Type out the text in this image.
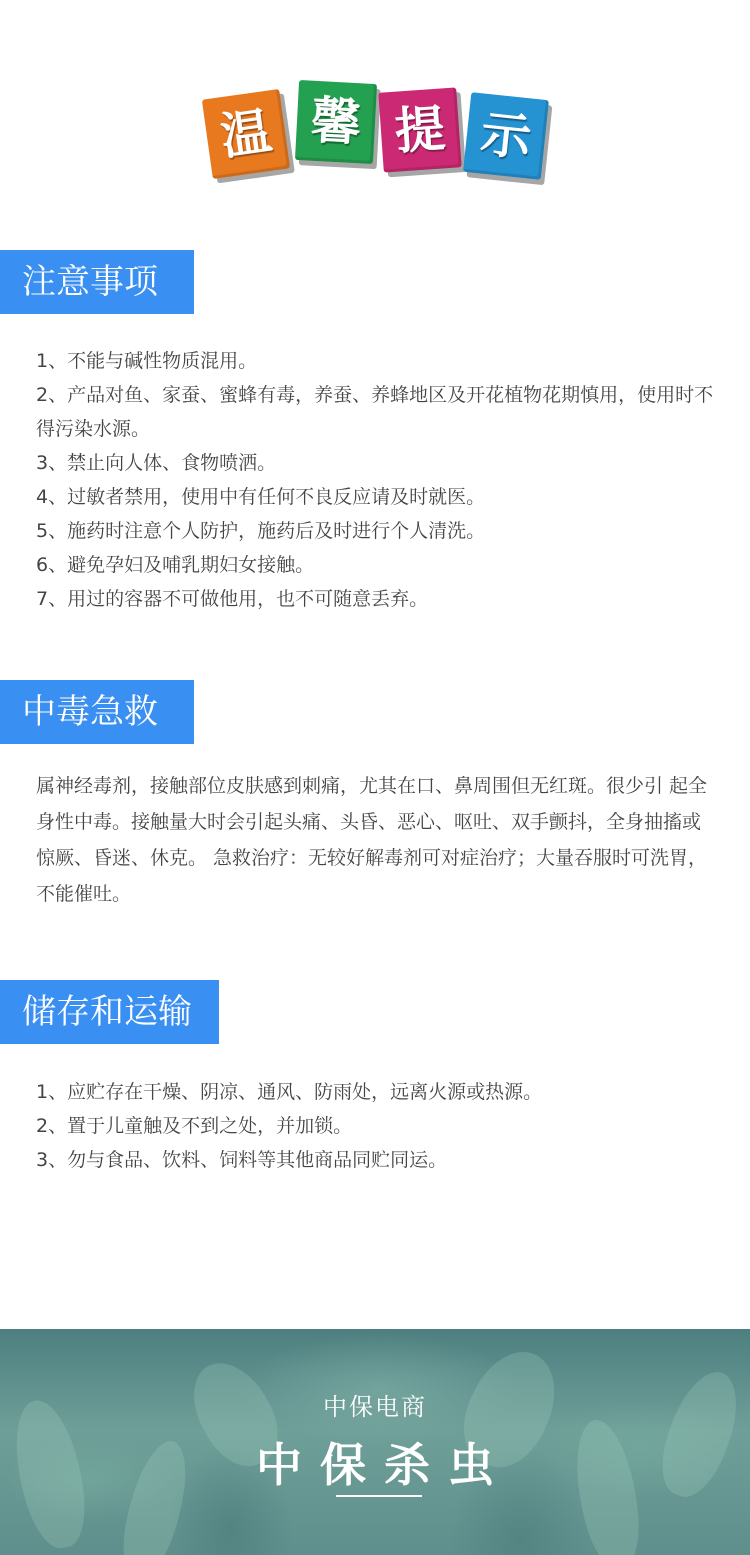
温 馨 提 示
注意事项
1、不能与碱性物质混用。
2、产品对鱼、家蚕、蜜蜂有毒，养蚕、养蜂地区及开花植物花期慎用，使用时不得污染水源。
3、禁止向人体、食物喷洒。
4、过敏者禁用，使用中有任何不良反应请及时就医。
5、施药时注意个人防护，施药后及时进行个人清洗。
6、避免孕妇及哺乳期妇女接触。
7、用过的容器不可做他用，也不可随意丢弃。
中毒急救

属神经毒剂，接触部位皮肤感到刺痛，尤其在口、鼻周围但无红斑。很少引 起全身性中毒。接触量大时会引起头痛、头昏、恶心、呕吐、双手颤抖，全身抽搐或惊厥、昏迷、休克。 急救治疗：无较好解毒剂可对症治疗；大量吞服时可洗胃，不能催吐。

储存和运输
1、应贮存在干燥、阴凉、通风、防雨处，远离火源或热源。
2、置于儿童触及不到之处，并加锁。
3、勿与食品、饮料、饲料等其他商品同贮同运。
中保电商
中保杀虫
